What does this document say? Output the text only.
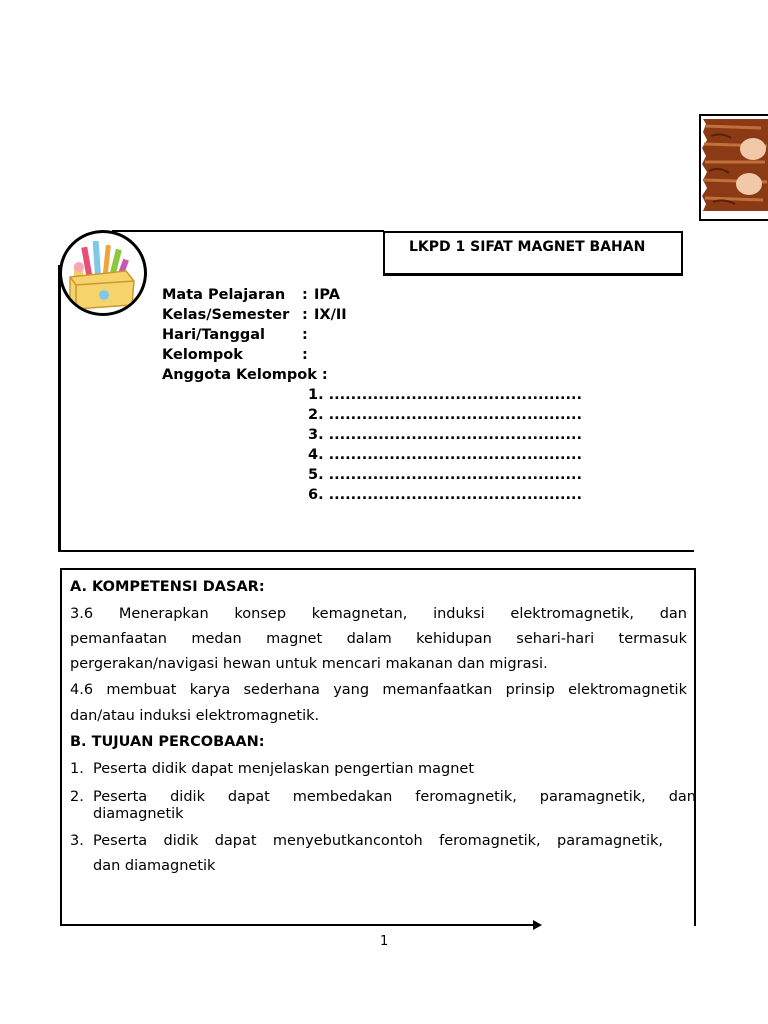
LKPD 1 SIFAT MAGNET BAHAN
Mata Pelajaran : IPA
Kelas/Semester : IX/II
Hari/Tanggal	:
Kelompok	:
Anggota Kelompok :
1. ..............................................
2. ..............................................
3. ..............................................
4. ..............................................
5. ..............................................
6. ..............................................
A. KOMPETENSI DASAR:
3.6 Menerapkan konsep kemagnetan, induksi elektromagnetik, dan
pemanfaatan medan magnet dalam kehidupan sehari-hari termasuk
pergerakan/navigasi hewan untuk mencari makanan dan migrasi.
4.6 membuat karya sederhana yang memanfaatkan prinsip elektromagnetik
dan/atau induksi elektromagnetik.
B. TUJUAN PERCOBAAN:
1. Peserta didik dapat menjelaskan pengertian magnet
2. Peserta didik dapat membedakan feromagnetik, paramagnetik, dan
diamagnetik
3. Peserta didik dapat menyebutkancontoh feromagnetik, paramagnetik,
dan diamagnetik
1
